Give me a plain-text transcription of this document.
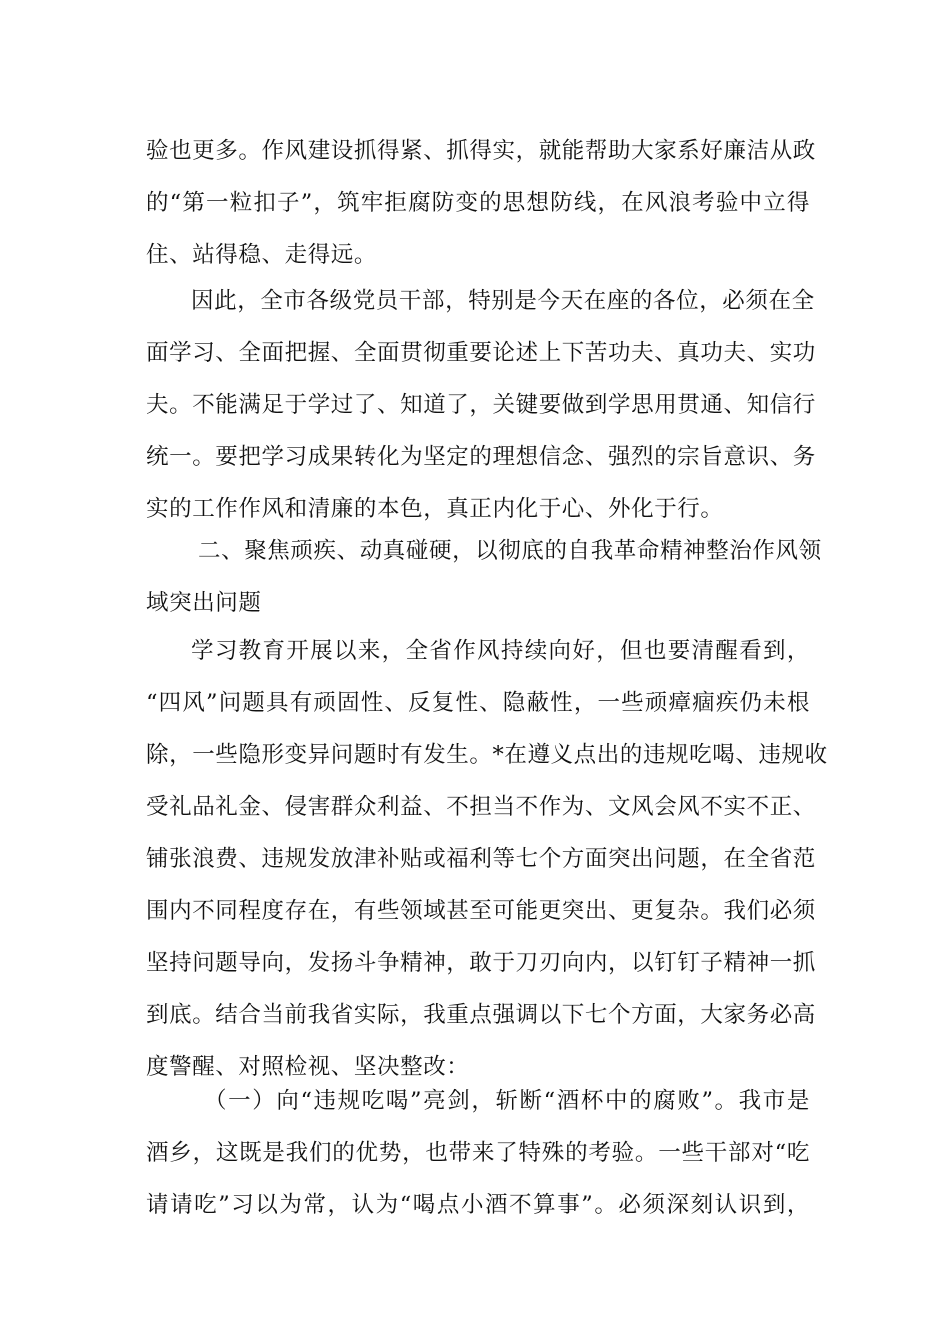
验也更多。作风建设抓得紧、抓得实，就能帮助大家系好廉洁从政
的“第一粒扣子”，筑牢拒腐防变的思想防线，在风浪考验中立得
住、站得稳、走得远。
因此，全市各级党员干部，特别是今天在座的各位，必须在全
面学习、全面把握、全面贯彻重要论述上下苦功夫、真功夫、实功
夫。不能满足于学过了、知道了，关键要做到学思用贯通、知信行
统一。要把学习成果转化为坚定的理想信念、强烈的宗旨意识、务
实的工作作风和清廉的本色，真正内化于心、外化于行。
二、聚焦顽疾、动真碰硬，以彻底的自我革命精神整治作风领
域突出问题
学习教育开展以来，全省作风持续向好，但也要清醒看到，
“四风”问题具有顽固性、反复性、隐蔽性，一些顽瘴痼疾仍未根
除，一些隐形变异问题时有发生。*在遵义点出的违规吃喝、违规收
受礼品礼金、侵害群众利益、不担当不作为、文风会风不实不正、
铺张浪费、违规发放津补贴或福利等七个方面突出问题，在全省范
围内不同程度存在，有些领域甚至可能更突出、更复杂。我们必须
坚持问题导向，发扬斗争精神，敢于刀刃向内，以钉钉子精神一抓
到底。结合当前我省实际，我重点强调以下七个方面，大家务必高
度警醒、对照检视、坚决整改：
（一）向“违规吃喝”亮剑，斩断“酒杯中的腐败”。我市是
酒乡，这既是我们的优势，也带来了特殊的考验。一些干部对“吃
请请吃”习以为常，认为“喝点小酒不算事”。必须深刻认识到，
